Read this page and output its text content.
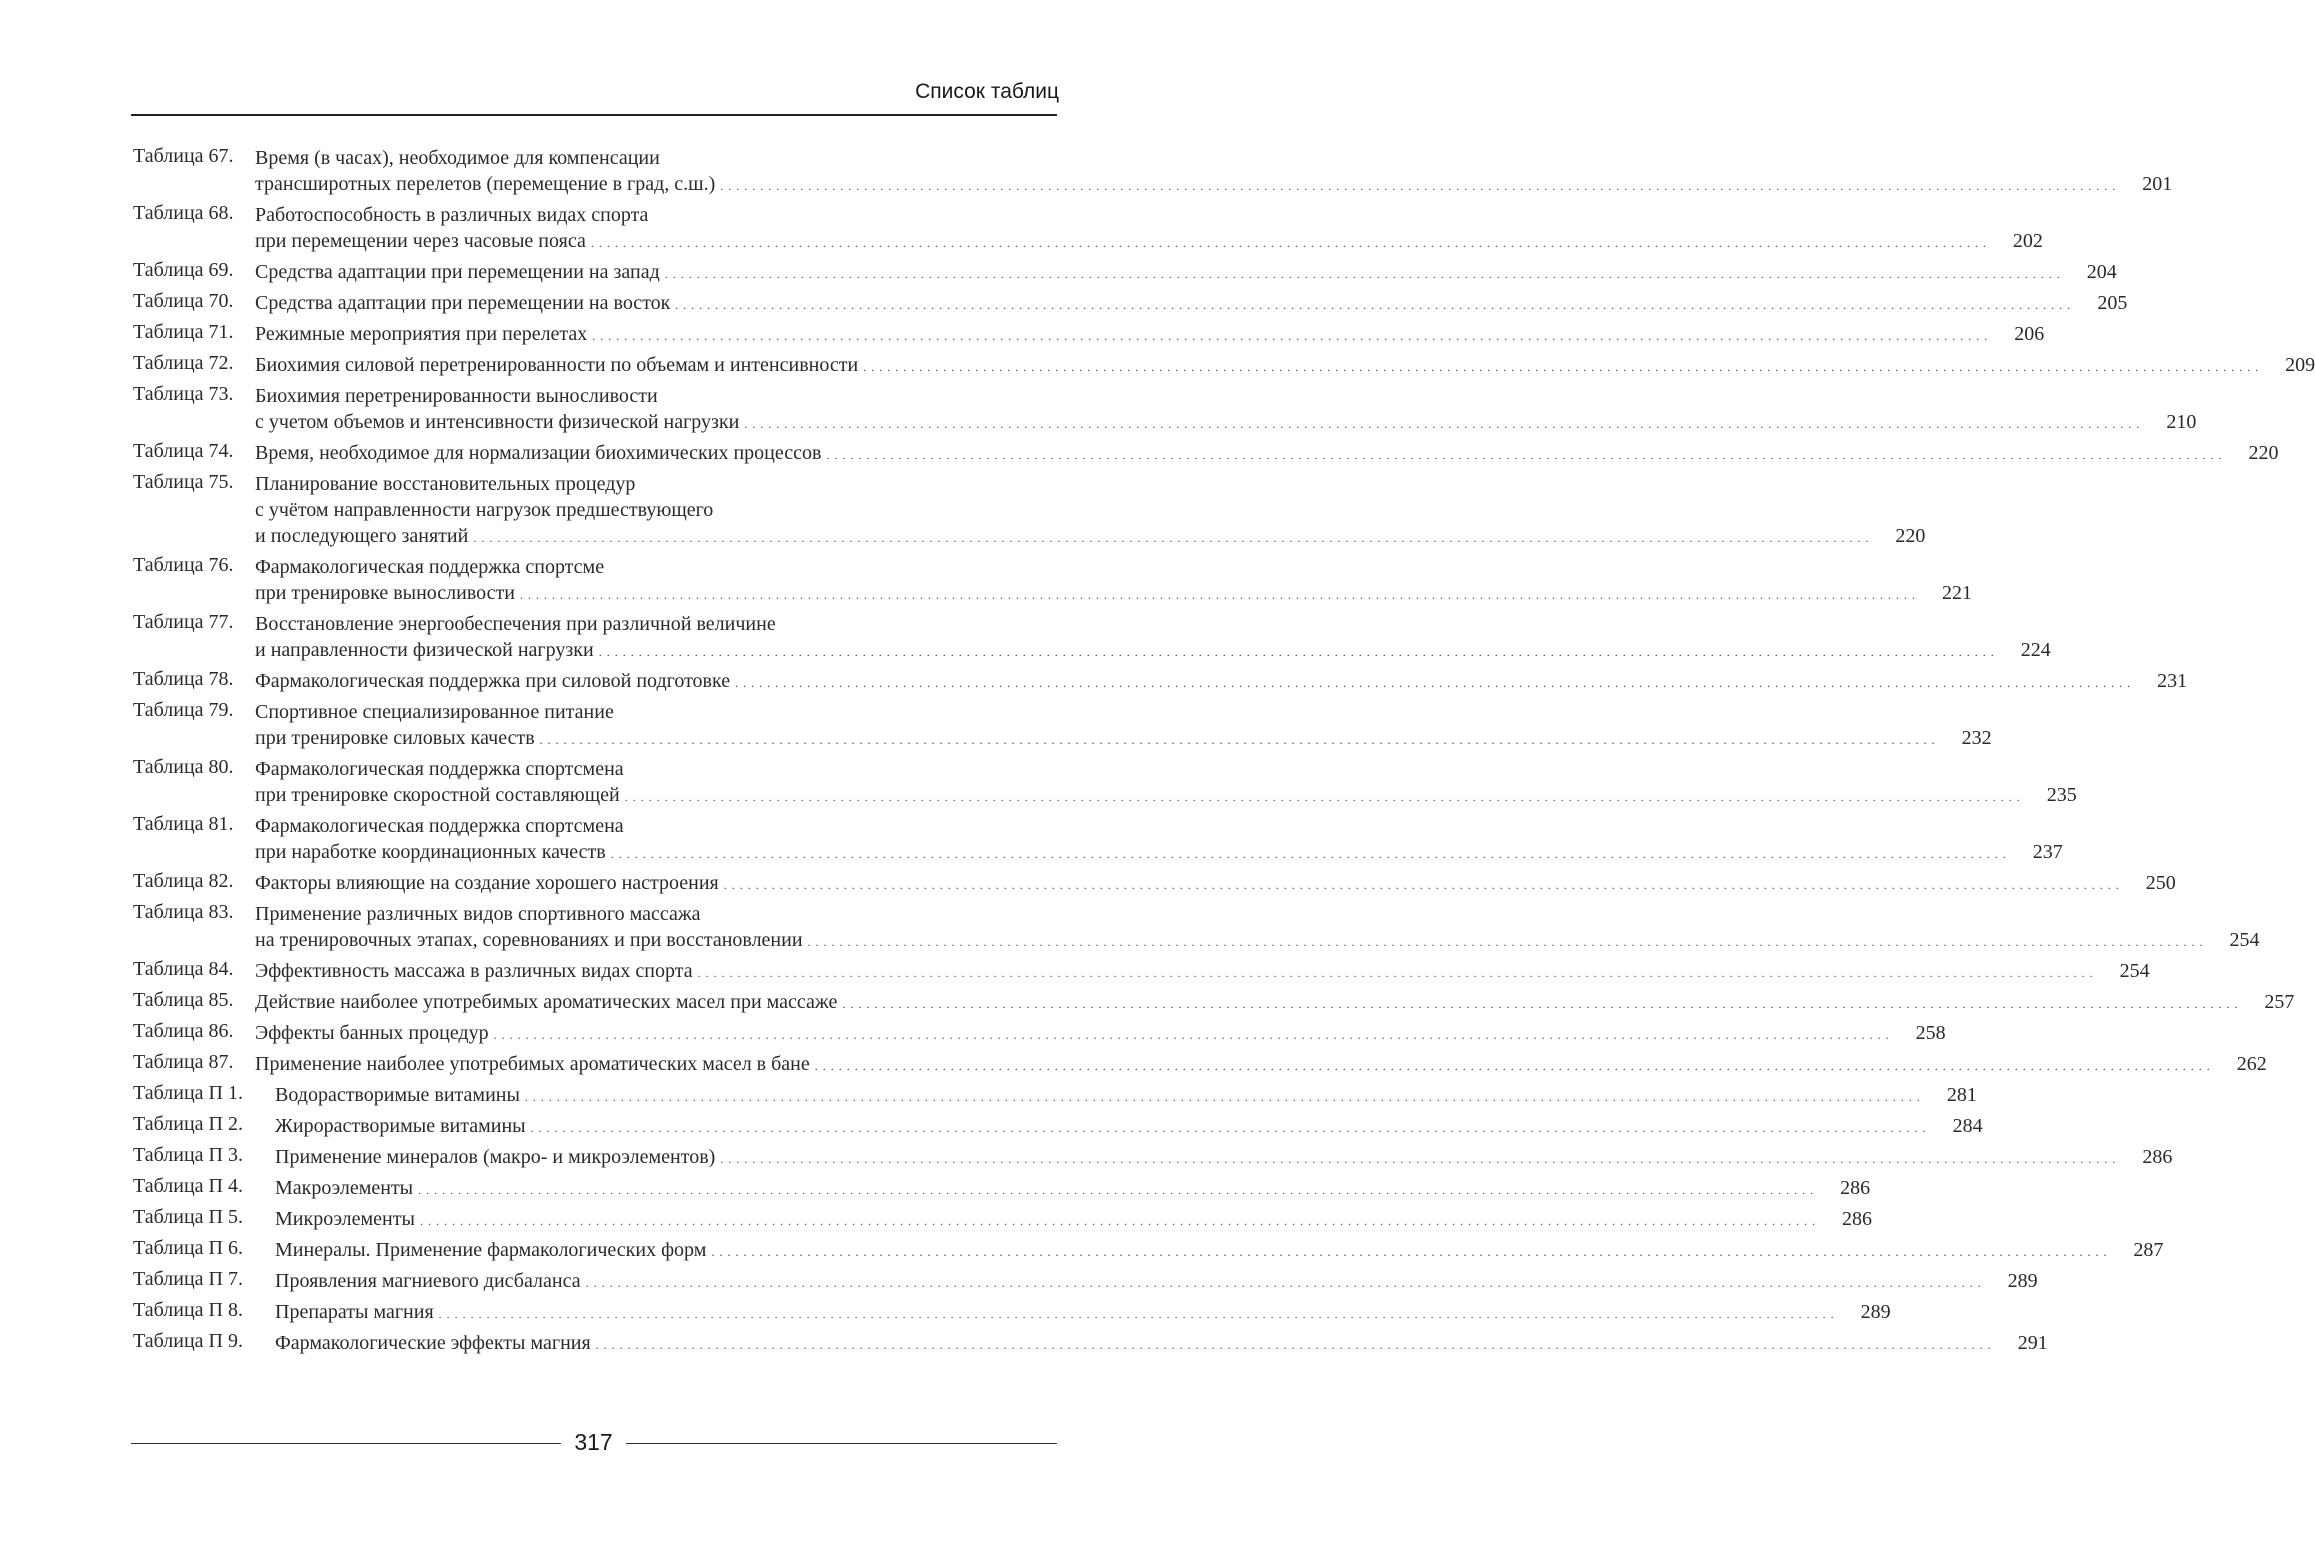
Список таблиц
Таблица 67.	Время (в часах), необходимое для компенсации
трансширотных перелетов (перемещение в град, с.ш.) . . .	201
Таблица 68.	Работоспособность в различных видах спорта
при перемещении через часовые пояса . . .	202
Таблица 69.	Средства адаптации при перемещении на запад . . .	204
Таблица 70.	Средства адаптации при перемещении на восток . . .	205
Таблица 71.	Режимные мероприятия при перелетах . . .	206
Таблица 72.	Биохимия силовой перетренированности по объемам и интенсивности . . .	209
Таблица 73.	Биохимия перетренированности выносливости
с учетом объемов и интенсивности физической нагрузки . . .	210
Таблица 74.	Время, необходимое для нормализации биохимических процессов . . .	220
Таблица 75.	Планирование восстановительных процедур
с учётом направленности нагрузок предшествующего
и последующего занятий . . .	220
Таблица 76.	Фармакологическая поддержка спортсме
при тренировке выносливости . . .	221
Таблица 77.	Восстановление энергообеспечения при различной величине
и направленности физической нагрузки . . .	224
Таблица 78.	Фармакологическая поддержка при силовой подготовке . . .	231
Таблица 79.	Спортивное специализированное питание
при тренировке силовых качеств . . .	232
Таблица 80.	Фармакологическая поддержка спортсмена
при тренировке скоростной составляющей . . .	235
Таблица 81.	Фармакологическая поддержка спортсмена
при наработке координационных качеств . . .	237
Таблица 82.	Факторы влияющие на создание хорошего настроения . . .	250
Таблица 83.	Применение различных видов спортивного массажа
на тренировочных этапах, соревнованиях и при восстановлении . . .	254
Таблица 84.	Эффективность массажа в различных видах спорта . . .	254
Таблица 85.	Действие наиболее употребимых ароматических масел при массаже . . .	257
Таблица 86.	Эффекты банных процедур . . .	258
Таблица 87.	Применение наиболее употребимых ароматических масел в бане . . .	262
Таблица П 1.	Водорастворимые витамины . . .	281
Таблица П 2.	Жирорастворимые витамины . . .	284
Таблица П 3.	Применение минералов (макро- и микроэлементов) . . .	286
Таблица П 4.	Макроэлементы . . .	286
Таблица П 5.	Микроэлементы . . .	286
Таблица П 6.	Минералы. Применение фармакологических форм . . .	287
Таблица П 7.	Проявления магниевого дисбаланса . . .	289
Таблица П 8.	Препараты магния . . .	289
Таблица П 9.	Фармакологические эффекты магния . . .	291
317
